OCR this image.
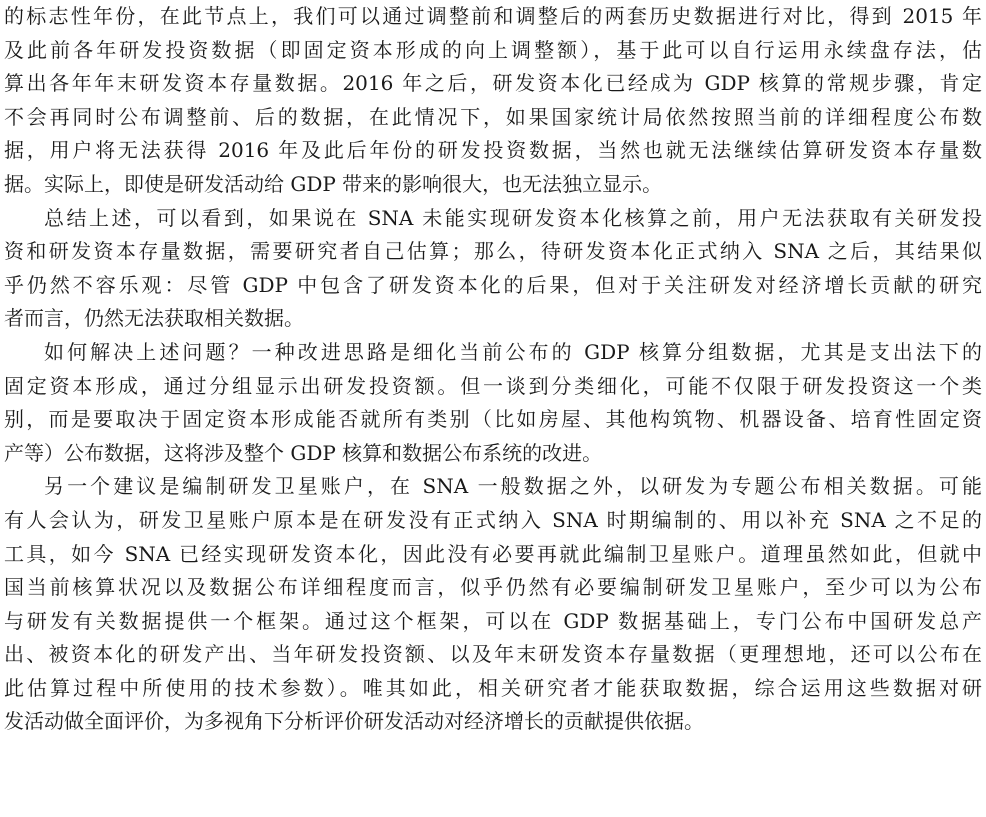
的标志性年份，在此节点上，我们可以通过调整前和调整后的两套历史数据进行对比，得到 2015 年
及此前各年研发投资数据（即固定资本形成的向上调整额），基于此可以自行运用永续盘存法，估
算出各年年末研发资本存量数据。2016 年之后，研发资本化已经成为 GDP 核算的常规步骤，肯定
不会再同时公布调整前、后的数据，在此情况下，如果国家统计局依然按照当前的详细程度公布数
据，用户将无法获得 2016 年及此后年份的研发投资数据，当然也就无法继续估算研发资本存量数
据。实际上，即使是研发活动给 GDP 带来的影响很大，也无法独立显示。
总结上述，可以看到，如果说在 SNA 未能实现研发资本化核算之前，用户无法获取有关研发投
资和研发资本存量数据，需要研究者自己估算；那么，待研发资本化正式纳入 SNA 之后，其结果似
乎仍然不容乐观：尽管 GDP 中包含了研发资本化的后果，但对于关注研发对经济增长贡献的研究
者而言，仍然无法获取相关数据。
如何解决上述问题？一种改进思路是细化当前公布的 GDP 核算分组数据，尤其是支出法下的
固定资本形成，通过分组显示出研发投资额。但一谈到分类细化，可能不仅限于研发投资这一个类
别，而是要取决于固定资本形成能否就所有类别（比如房屋、其他构筑物、机器设备、培育性固定资
产等）公布数据，这将涉及整个 GDP 核算和数据公布系统的改进。
另一个建议是编制研发卫星账户，在 SNA 一般数据之外，以研发为专题公布相关数据。可能
有人会认为，研发卫星账户原本是在研发没有正式纳入 SNA 时期编制的、用以补充 SNA 之不足的
工具，如今 SNA 已经实现研发资本化，因此没有必要再就此编制卫星账户。道理虽然如此，但就中
国当前核算状况以及数据公布详细程度而言，似乎仍然有必要编制研发卫星账户，至少可以为公布
与研发有关数据提供一个框架。通过这个框架，可以在 GDP 数据基础上，专门公布中国研发总产
出、被资本化的研发产出、当年研发投资额、以及年末研发资本存量数据（更理想地，还可以公布在
此估算过程中所使用的技术参数）。唯其如此，相关研究者才能获取数据，综合运用这些数据对研
发活动做全面评价，为多视角下分析评价研发活动对经济增长的贡献提供依据。
